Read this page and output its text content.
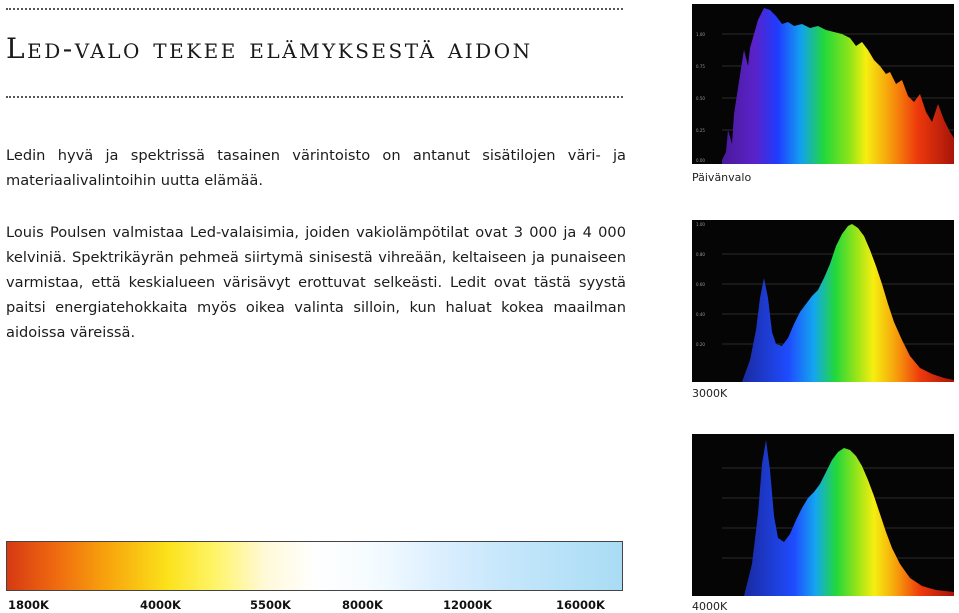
Led-valo tekee elämyksestä aidon

Ledin hyvä ja spektrissä tasainen värintoisto on antanut sisätilojen väri- ja materiaalivalintoihin uutta elämää.

Louis Poulsen valmistaa Led-valaisimia, joiden vakiolämpötilat ovat 3 000 ja 4 000 kelviniä. Spektrikäyrän pehmeä siirtymä sinisestä vihreään, keltaiseen ja punaiseen varmistaa, että keskialueen värisävyt erottuvat selkeästi. Ledit ovat tästä syystä paitsi energiatehokkaita myös oikea valinta silloin, kun haluat kokea maailman aidoissa väreissä.

1.00
0.75
0.50
0.25
0.00
Päivänvalo
1.00
0.80
0.60
0.40
0.20
3000K
4000K
1800K	4000K	5500K	8000K	12000K	16000K
